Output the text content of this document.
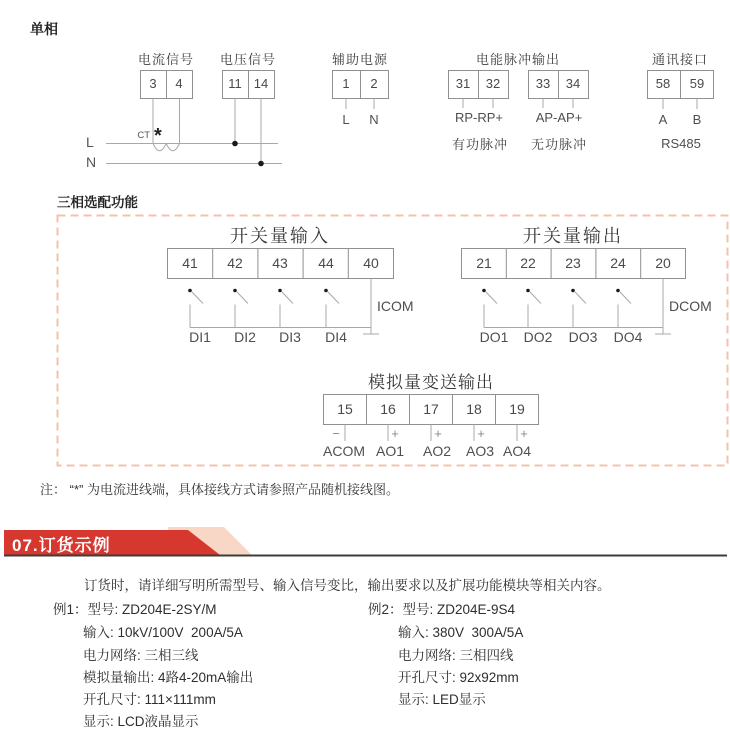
单相
电流信号 电压信号	辅助电源	电能脉冲输出	通讯接口
3 4	11 14	1 2	31 32	33 34	58 59
L N	RP-RP+	AP-AP+
有功脉冲 无功脉冲
A B
RS485
L
N
CT *
三相选配功能
开关量输入
41 42 43 44 40
ICOM
DI1 DI2 DI3 DI4
开关量输出
21 22 23 24 20
DCOM
DO1 DO2 DO3 DO4
模拟量变送输出
15 16 17 18 19
−	+	+	+	+
ACOM AO1 AO2 AO3 AO4
注： “*” 为电流进线端，具体接线方式请参照产品随机接线图。
07.订货示例
订货时，请详细写明所需型号、输入信号变比，输出要求以及扩展功能模块等相关内容。
例1：型号: ZD204E-2SY/M
输入: 10kV/100V  200A/5A
电力网络: 三相三线
模拟量输出: 4路4-20mA输出
开孔尺寸: 111×111mm
显示: LCD液晶显示
例2：型号: ZD204E-9S4
输入: 380V  300A/5A
电力网络: 三相四线
开孔尺寸: 92x92mm
显示: LED显示
